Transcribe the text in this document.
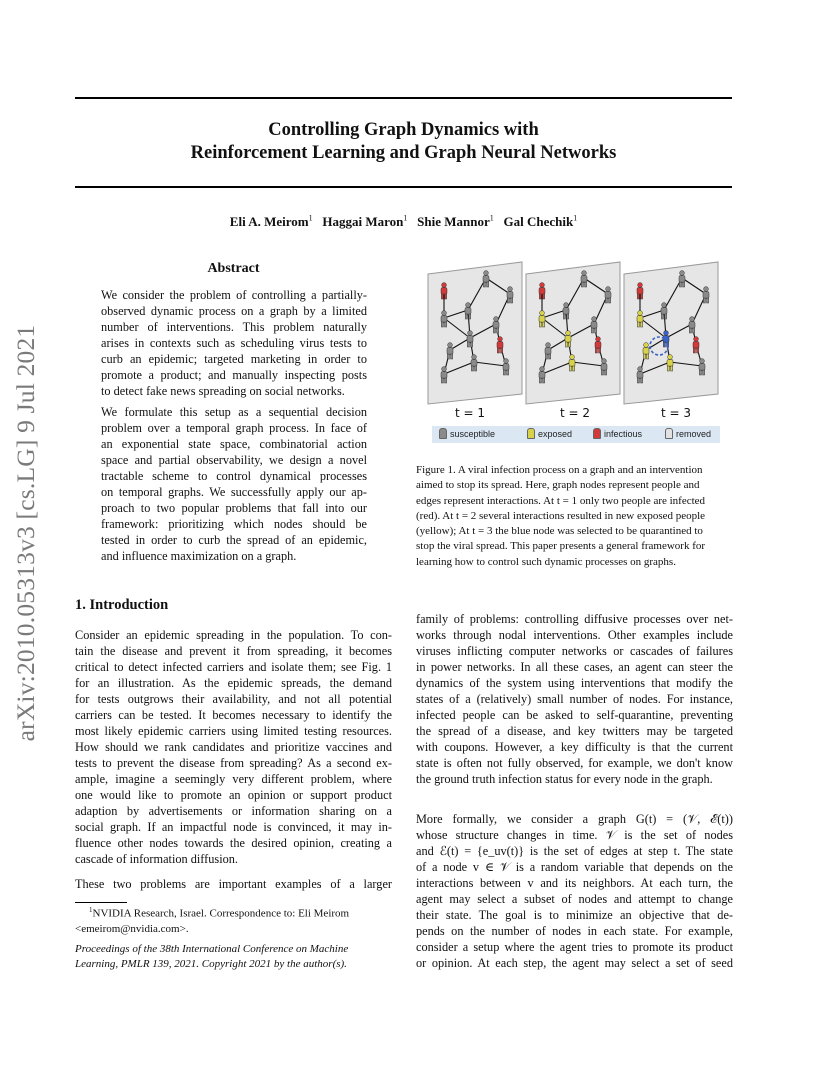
Controlling Graph Dynamics with
Reinforcement Learning and Graph Neural Networks
Eli A. Meirom$^1$ Haggai Maron$^1$ Shie Mannor$^1$ Gal Chechik$^1$
arXiv:2010.05313v3 [cs.LG] 9 Jul 2021
Abstract
We consider the problem of controlling a partially-
observed dynamic process on a graph by a limited
number of interventions. This problem naturally
arises in contexts such as scheduling virus tests to
curb an epidemic; targeted marketing in order to
promote a product; and manually inspecting posts
to detect fake news spreading on social networks.
We formulate this setup as a sequential decision
problem over a temporal graph process. In face of
an exponential state space, combinatorial action
space and partial observability, we design a novel
tractable scheme to control dynamical processes
on temporal graphs. We successfully apply our ap-
proach to two popular problems that fall into our
framework: prioritizing which nodes should be
tested in order to curb the spread of an epidemic,
and influence maximization on a graph.
t = 1	t = 2	t = 3
susceptible	exposed	infectious	removed
Figure 1. A viral infection process on a graph and an intervention
aimed to stop its spread. Here, graph nodes represent people and
edges represent interactions. At t = 1 only two people are infected
(red). At t = 2 several interactions resulted in new exposed people
(yellow); At t = 3 the blue node was selected to be quarantined to
stop the viral spread. This paper presents a general framework for
learning how to control such dynamic processes on graphs.
1. Introduction
Consider an epidemic spreading in the population. To con-
tain the disease and prevent it from spreading, it becomes
critical to detect infected carriers and isolate them; see Fig. 1
for an illustration. As the epidemic spreads, the demand
for tests outgrows their availability, and not all potential
carriers can be tested. It becomes necessary to identify the
most likely epidemic carriers using limited testing resources.
How should we rank candidates and prioritize vaccines and
tests to prevent the disease from spreading? As a second ex-
ample, imagine a seemingly very different problem, where
one would like to promote an opinion or support product
adaption by advertisements or information sharing on a
social graph. If an impactful node is convinced, it may in-
fluence other nodes towards the desired opinion, creating a
cascade of information diffusion.
These two problems are important examples of a larger
$^1$NVIDIA Research, Israel. Correspondence to: Eli Meirom
<emeirom@nvidia.com>.
Proceedings of the 38th International Conference on Machine
Learning, PMLR 139, 2021. Copyright 2021 by the author(s).
family of problems: controlling diffusive processes over net-
works through nodal interventions. Other examples include
viruses inflicting computer networks or cascades of failures
in power networks. In all these cases, an agent can steer the
dynamics of the system using interventions that modify the
states of a (relatively) small number of nodes. For instance,
infected people can be asked to self-quarantine, preventing
the spread of a disease, and key twitters may be targeted
with coupons. However, a key difficulty is that the current
state is often not fully observed, for example, we don't know
the ground truth infection status for every node in the graph.
More formally, we consider a graph G(t) = (𝒱, ℰ(t))
whose structure changes in time. 𝒱 is the set of nodes
and ℰ(t) = {e_uv(t)} is the set of edges at step t. The state
of a node v ∈ 𝒱 is a random variable that depends on the
interactions between v and its neighbors. At each turn, the
agent may select a subset of nodes and attempt to change
their state. The goal is to minimize an objective that de-
pends on the number of nodes in each state. For example,
consider a setup where the agent tries to promote its product
or opinion. At each step, the agent may select a set of seed
